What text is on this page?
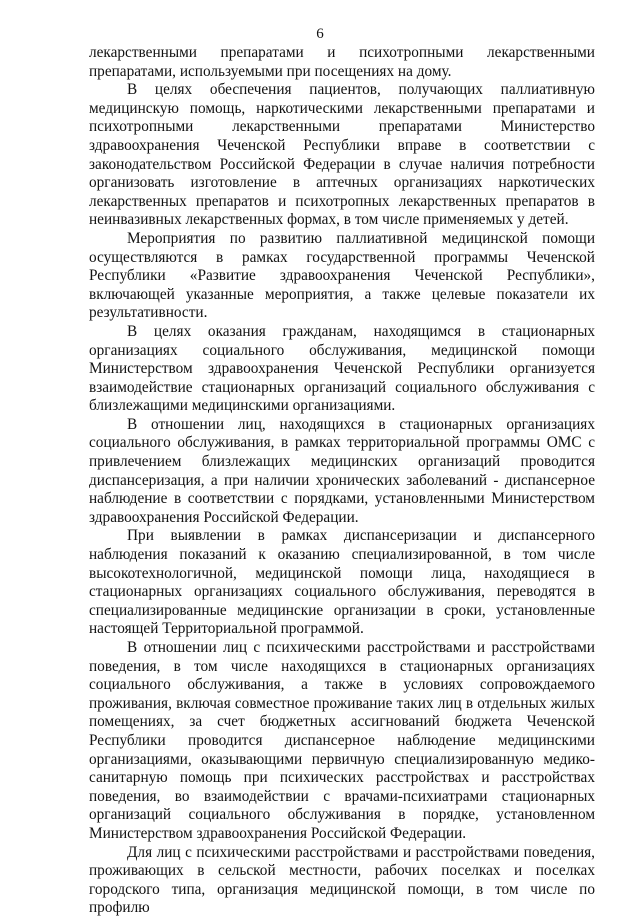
6

лекарственными препаратами и психотропными лекарственными препаратами, используемыми при посещениях на дому.

В целях обеспечения пациентов, получающих паллиативную медицинскую помощь, наркотическими лекарственными препаратами и психотропными лекарственными препаратами Министерство здравоохранения Чеченской Республики вправе в соответствии с законодательством Российской Федерации в случае наличия потребности организовать изготовление в аптечных организациях наркотических лекарственных препаратов и психотропных лекарственных препаратов в неинвазивных лекарственных формах, в том числе применяемых у детей.

Мероприятия по развитию паллиативной медицинской помощи осуществляются в рамках государственной программы Чеченской Республики «Развитие здравоохранения Чеченской Республики», включающей указанные мероприятия, а также целевые показатели их результативности.

В целях оказания гражданам, находящимся в стационарных организациях социального обслуживания, медицинской помощи Министерством здравоохранения Чеченской Республики организуется взаимодействие стационарных организаций социального обслуживания с близлежащими медицинскими организациями.

В отношении лиц, находящихся в стационарных организациях социального обслуживания, в рамках территориальной программы ОМС с привлечением близлежащих медицинских организаций проводится диспансеризация, а при наличии хронических заболеваний - диспансерное наблюдение в соответствии с порядками, установленными Министерством здравоохранения Российской Федерации.

При выявлении в рамках диспансеризации и диспансерного наблюдения показаний к оказанию специализированной, в том числе высокотехнологичной, медицинской помощи лица, находящиеся в стационарных организациях социального обслуживания, переводятся в специализированные медицинские организации в сроки, установленные настоящей Территориальной программой.

В отношении лиц с психическими расстройствами и расстройствами поведения, в том числе находящихся в стационарных организациях социального обслуживания, а также в условиях сопровождаемого проживания, включая совместное проживание таких лиц в отдельных жилых помещениях, за счет бюджетных ассигнований бюджета Чеченской Республики проводится диспансерное наблюдение медицинскими организациями, оказывающими первичную специализированную медико-санитарную помощь при психических расстройствах и расстройствах поведения, во взаимодействии с врачами-психиатрами стационарных организаций социального обслуживания в порядке, установленном Министерством здравоохранения Российской Федерации.

Для лиц с психическими расстройствами и расстройствами поведения, проживающих в сельской местности, рабочих поселках и поселках городского типа, организация медицинской помощи, в том числе по профилю
